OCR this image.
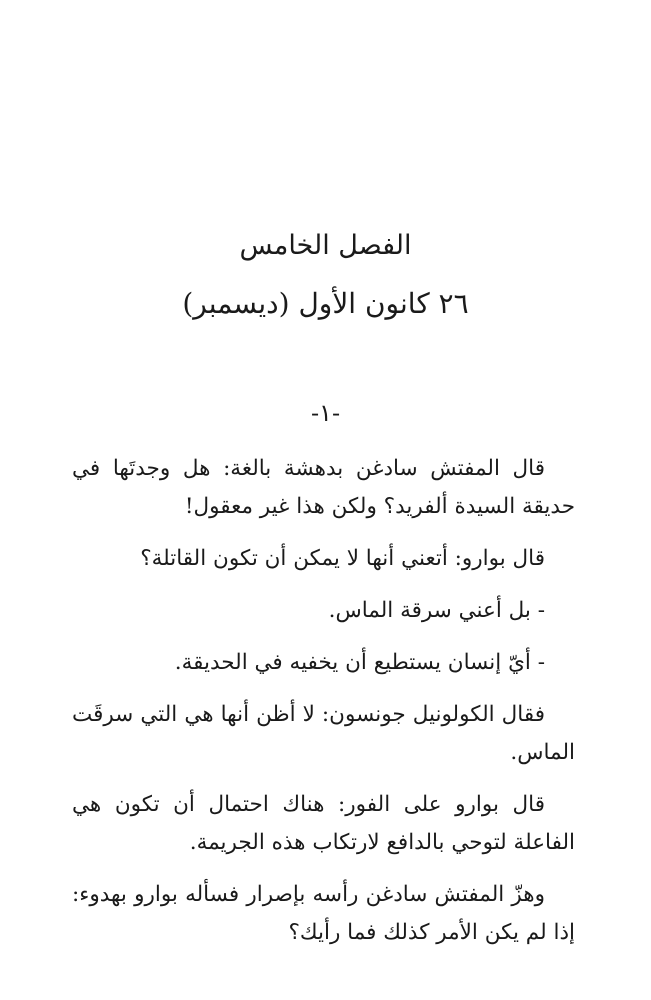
الفصل الخامس
٢٦ كانون الأول (ديسمبر)
-١-

قال المفتش سادغن بدهشة بالغة: هل وجدتَها في حديقة السيدة ألفريد؟ ولكن هذا غير معقول!

قال بوارو: أتعني أنها لا يمكن أن تكون القاتلة؟

- بل أعني سرقة الماس.

- أيّ إنسان يستطيع أن يخفيه في الحديقة.

فقال الكولونيل جونسون: لا أظن أنها هي التي سرقَت الماس.

قال بوارو على الفور: هناك احتمال أن تكون هي الفاعلة لتوحي بالدافع لارتكاب هذه الجريمة.

وهزّ المفتش سادغن رأسه بإصرار فسأله بوارو بهدوء: إذا لم يكن الأمر كذلك فما رأيك؟
